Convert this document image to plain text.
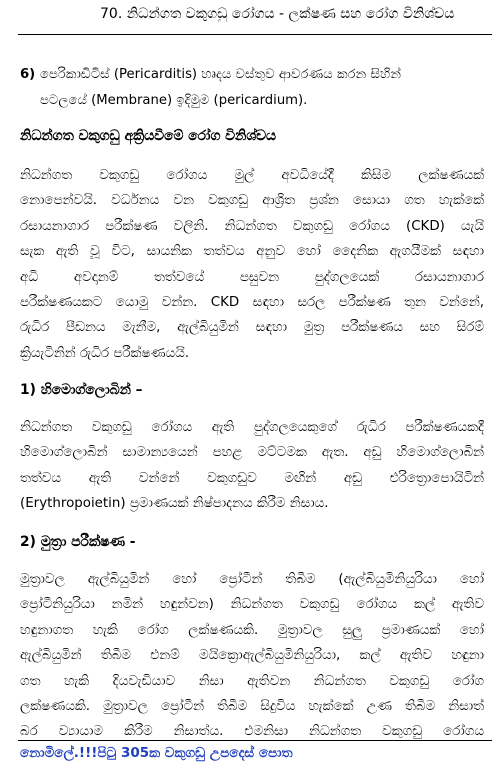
70. නිධන්ගත වකුගඩු රෝගය - ලක්ෂණ සහ රෝග විනිශ්චය
6) පෙරිකාඩිටිස් (Pericarditis) හෘදය වස්තුව ආවරණය කරන සිහින්
පටලයේ (Membrane) ඉදිමුම (pericardium).
නිධන්ගත වකුගඩු අක්‍රියවීමේ රෝග විනිශ්චය
නිධන්ගත වකුගඩු රෝගය මුල් අවධියේදී කිසිම ලක්ෂණයක්
නොපෙන්වයි. වර්ධනය වන වකුගඩු ආශ්‍රිත ප්‍රශ්න සොයා ගත හැක්කේ
රසායනාගාර පරීක්ෂණ වලිනි. නිධන්ගත වකුගඩු රෝගය (CKD) යැයි
සැක ඇති වූ විට, සායනික තත්වය අනුව හෝ දෛනික ඇගයීමක් සඳහා
අධි අවදානම් තත්වයේ පසුවන පුද්ගලයෙක් රසායනාගාර
පරීක්ෂණයකට යොමු වන්න. CKD සඳහා සරල පරීක්ෂණ තුන වන්නේ,
රුධිර පීඩනය මැනීම, ඇල්බියුමින් සඳහා මුත්‍ර පරීක්ෂණය සහ සිරම්
ක්‍රියැටිනින් රුධිර පරීක්ෂණයයි.
1) හිමොග්ලොබින් –
නිධන්ගත වකුගඩු රෝගය ඇති පුද්ගලයෙකුගේ රුධිර පරීක්ෂණයකදී
හිමොග්ලොබින් සාමාන්‍යයෙන් පහළ මට්ටමක ඇත. අඩු හිමොග්ලොබින්
තත්වය ඇති වන්නේ වකුගඩුව මඟින් අඩු එරිත්‍රොපොයිටින්
(Erythropoietin) ප්‍රමාණයක් නිෂ්පාදනය කිරීම නිසාය.
2) මුත්‍රා පරීක්ෂණ -
මුත්‍රාවල ඇල්බියුමින් හෝ ප්‍රෝටීන් තිබීම (ඇල්බියුමිනියුරියා හෝ
ප්‍රෝටීනියුරියා නමින් හඳුන්වන) නිධන්ගත වකුගඩු රෝගය කල් ඇතිව
හඳුනාගත හැකි රෝග ලක්ෂණයකි. මුත්‍රාවල සුලු ප්‍රමාණයක් හෝ
ඇල්බියුමින් තිබීම එනම් මයික්‍රොඇල්බියුමිනියුරියා, කල් ඇතිව හඳුනා
ගත හැකි දියවැඩියාව නිසා ඇතිවන නිධන්ගත වකුගඩු රෝග
ලක්ෂණයකි. මුත්‍රාවල ප්‍රෝටීන් තිබීම සිදුවිය හැක්කේ උණ තිබීම නිසාත්
බර ව්‍යායාම කිරීම නිසාත්ය. එමනිසා නිධන්ගත වකුගඩු රෝගය
නොමිලේ.!!!පිටු 305ක වකුගඩු උපදෙස් පොත
